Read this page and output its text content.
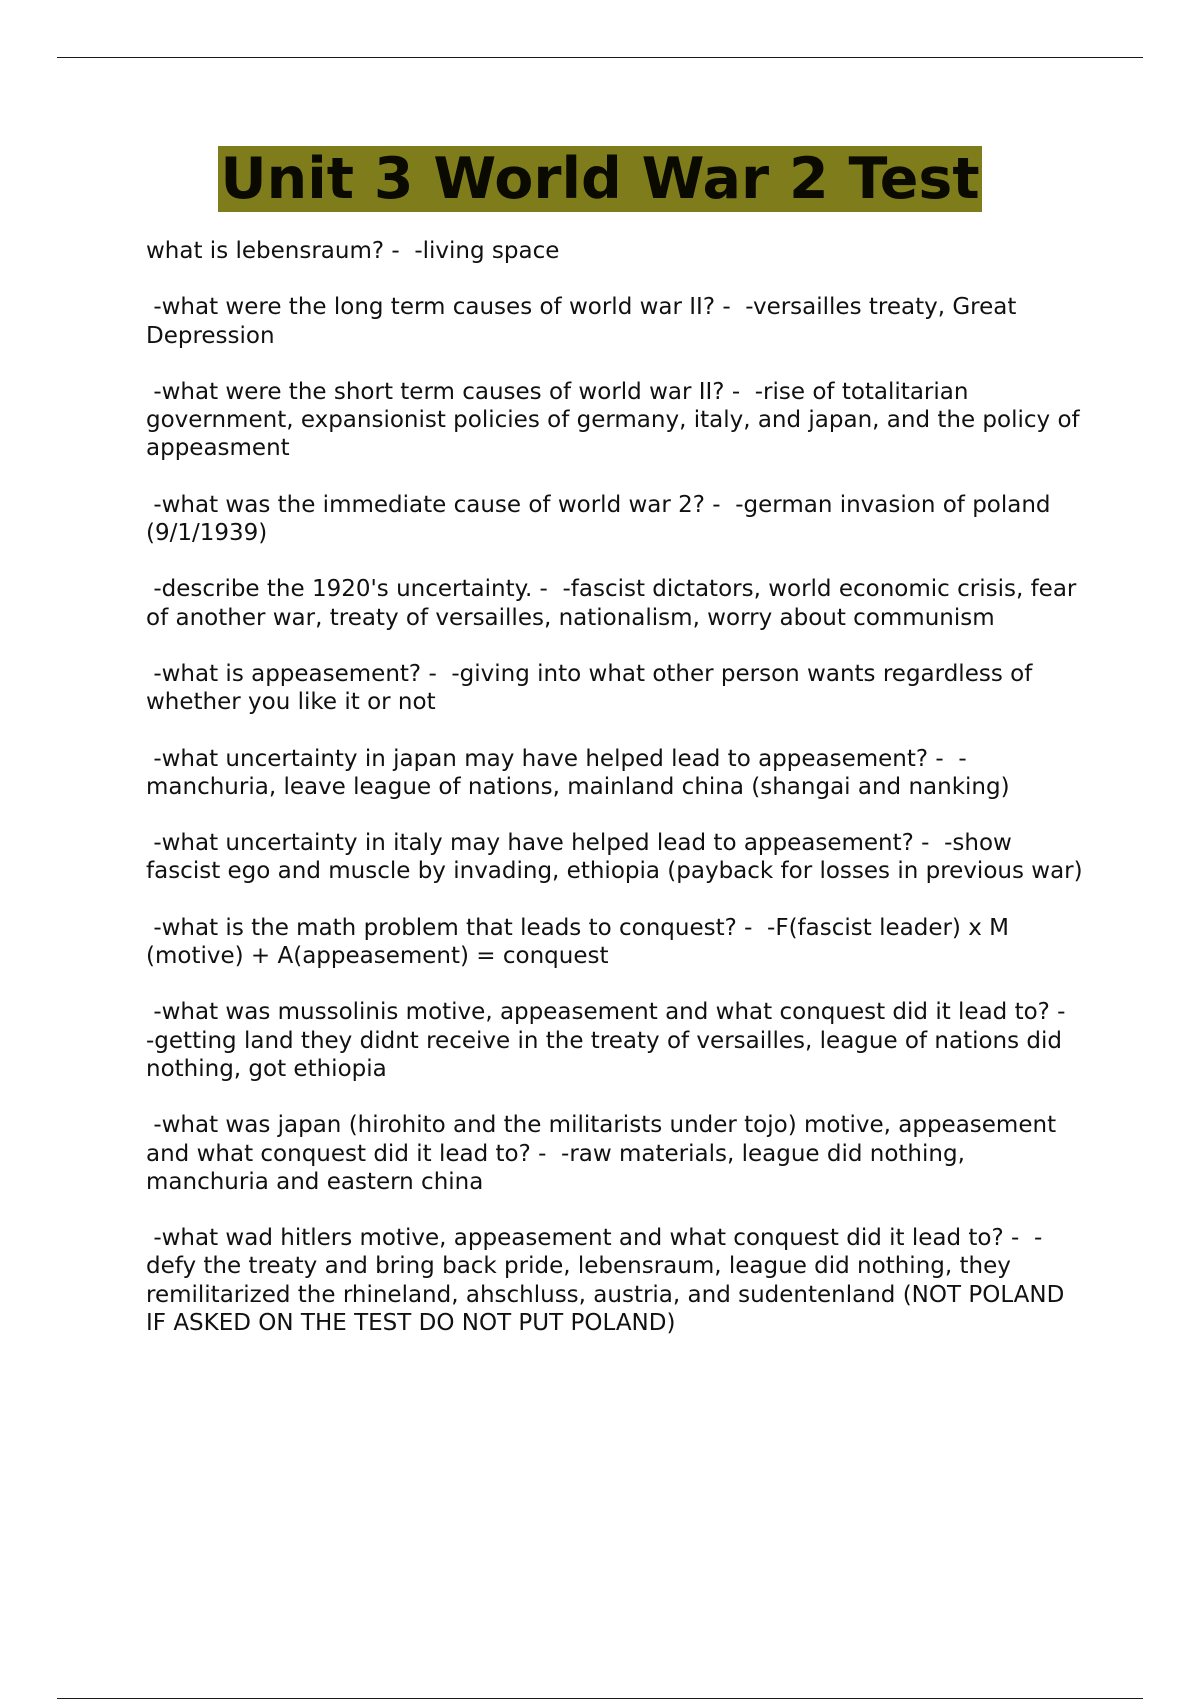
Unit 3 World War 2 Test

what is lebensraum? -  -living space

-what were the long term causes of world war II? -  -versailles treaty, Great Depression

-what were the short term causes of world war II? -  -rise of totalitarian government, expansionist policies of germany, italy, and japan, and the policy of appeasment

-what was the immediate cause of world war 2? -  -german invasion of poland (9/1/1939)

-describe the 1920's uncertainty. -  -fascist dictators, world economic crisis, fear of another war, treaty of versailles, nationalism, worry about communism

-what is appeasement? -  -giving into what other person wants regardless of whether you like it or not

-what uncertainty in japan may have helped lead to appeasement? -  -manchuria, leave league of nations, mainland china (shangai and nanking)

-what uncertainty in italy may have helped lead to appeasement? -  -show fascist ego and muscle by invading, ethiopia (payback for losses in previous war)

-what is the math problem that leads to conquest? -  -F(fascist leader) x M (motive) + A(appeasement) = conquest

-what was mussolinis motive, appeasement and what conquest did it lead to? -  -getting land they didnt receive in the treaty of versailles, league of nations did nothing, got ethiopia

-what was japan (hirohito and the militarists under tojo) motive, appeasement and what conquest did it lead to? -  -raw materials, league did nothing, manchuria and eastern china

-what wad hitlers motive, appeasement and what conquest did it lead to? -  -defy the treaty and bring back pride, lebensraum, league did nothing, they remilitarized the rhineland, ahschluss, austria, and sudentenland (NOT POLAND IF ASKED ON THE TEST DO NOT PUT POLAND)
